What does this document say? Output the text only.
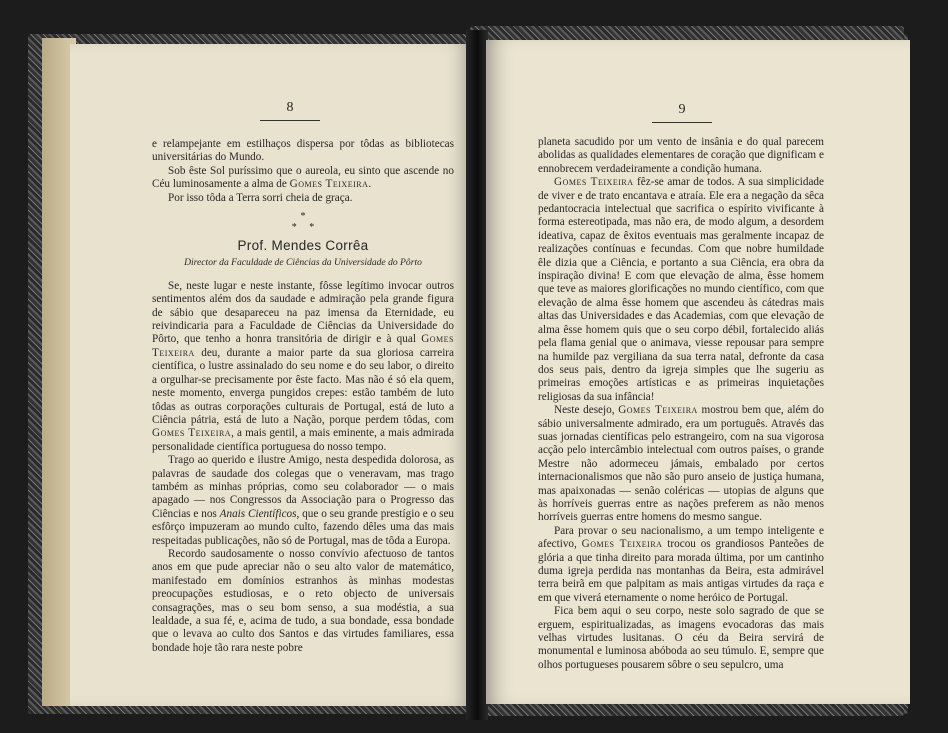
8

e relampejante em estilhaços dispersa por tôdas as bibliotecas universitárias do Mundo.

Sob êste Sol puríssimo que o aureola, eu sinto que ascende no Céu luminosamente a alma de Gomes Teixeira.

Por isso tôda a Terra sorri cheia de graça.

*
*     *
Prof. Mendes Corrêa
Director da Faculdade de Ciências da Universidade do Pôrto

Se, neste lugar e neste instante, fôsse legítimo invocar outros sentimentos além dos da saudade e admiração pela grande figura de sábio que desapareceu na paz imensa da Eternidade, eu reivindicaria para a Faculdade de Ciências da Universidade do Pôrto, que tenho a honra transitória de dirigir e à qual Gomes Teixeira deu, durante a maior parte da sua gloriosa carreira científica, o lustre assinalado do seu nome e do seu labor, o direito a orgulhar-se precisamente por êste facto. Mas não é só ela quem, neste momento, enverga pungidos crepes: estão também de luto tôdas as outras corporações culturais de Portugal, está de luto a Ciência pátria, está de luto a Nação, porque perdem tôdas, com Gomes Teixeira, a mais gentil, a mais eminente, a mais admirada personalidade científica portuguesa do nosso tempo.

Trago ao querido e ilustre Amigo, nesta despedida dolorosa, as palavras de saudade dos colegas que o veneravam, mas trago também as minhas próprias, como seu colaborador — o mais apagado — nos Congressos da Associação para o Progresso das Ciências e nos Anais Científicos, que o seu grande prestígio e o seu esfôrço impuzeram ao mundo culto, fazendo dêles uma das mais respeitadas publicações, não só de Portugal, mas de tôda a Europa.

Recordo saudosamente o nosso convívio afectuoso de tantos anos em que pude apreciar não o seu alto valor de matemático, manifestado em domínios estranhos às minhas modestas preocupações estudiosas, e o reto objecto de universais consagrações, mas o seu bom senso, a sua modéstia, a sua lealdade, a sua fé, e, acima de tudo, a sua bondade, essa bondade que o levava ao culto dos Santos e das virtudes familiares, essa bondade hoje tão rara neste pobre

9

planeta sacudido por um vento de insânia e do qual parecem abolidas as qualidades elementares de coração que dignificam e ennobrecem verdadeiramente a condição humana.

Gomes Teixeira fêz-se amar de todos. A sua simplicidade de viver e de trato encantava e atraía. Ele era a negação da sêca pedantocracia intelectual que sacrifica o espírito vivificante à forma estereotipada, mas não era, de modo algum, a desordem ideativa, capaz de êxitos eventuais mas geralmente incapaz de realizações contínuas e fecundas. Com que nobre humildade êle dizia que a Ciência, e portanto a sua Ciência, era obra da inspiração divina! E com que elevação de alma, êsse homem que teve as maiores glorificações no mundo científico, com que elevação de alma êsse homem que ascendeu às cátedras mais altas das Universidades e das Academias, com que elevação de alma êsse homem quis que o seu corpo débil, fortalecido aliás pela flama genial que o animava, viesse repousar para sempre na humilde paz vergiliana da sua terra natal, defronte da casa dos seus pais, dentro da igreja simples que lhe sugeriu as primeiras emoções artísticas e as primeiras inquietações religiosas da sua infância!

Neste desejo, Gomes Teixeira mostrou bem que, além do sábio universalmente admirado, era um português. Através das suas jornadas científicas pelo estrangeiro, com na sua vigorosa acção pelo intercâmbio intelectual com outros países, o grande Mestre não adormeceu jámais, embalado por certos internacionalismos que não são puro anseio de justiça humana, mas apaixonadas — senão coléricas — utopias de alguns que às horríveis guerras entre as nações preferem as não menos horríveis guerras entre homens do mesmo sangue.

Para provar o seu nacionalismo, a um tempo inteligente e afectivo, Gomes Teixeira trocou os grandiosos Panteões de glória a que tinha direito para morada última, por um cantinho duma igreja perdida nas montanhas da Beira, esta admirável terra beirã em que palpitam as mais antigas virtudes da raça e em que viverá eternamente o nome heróico de Portugal.

Fica bem aqui o seu corpo, neste solo sagrado de que se erguem, espiritualizadas, as imagens evocadoras das mais velhas virtudes lusitanas. O céu da Beira servirá de monumental e luminosa abóboda ao seu túmulo. E, sempre que olhos portugueses pousarem sôbre o seu sepulcro, uma
